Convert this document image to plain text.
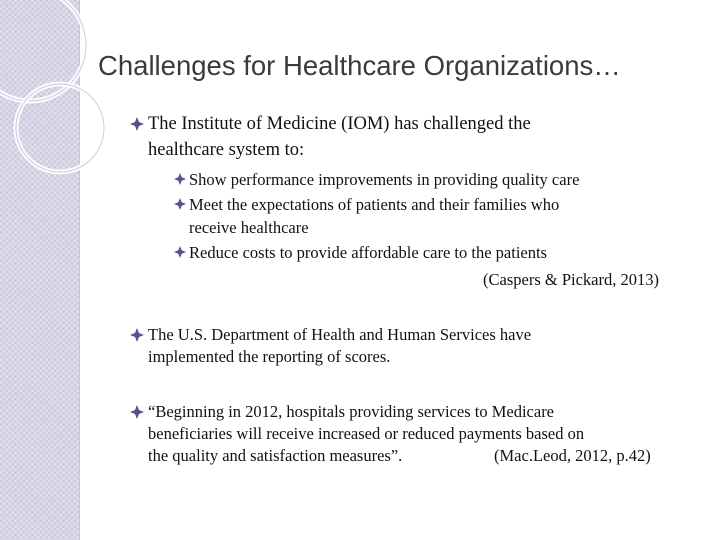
Challenges for Healthcare Organizations…
The Institute of Medicine (IOM) has challenged the
healthcare system to:
Show performance improvements in providing quality care
Meet the expectations of patients and their families who
receive healthcare
Reduce costs to provide affordable care to the patients
(Caspers & Pickard, 2013)
The U.S. Department of Health and Human Services have
implemented the reporting of scores.
“Beginning in 2012, hospitals providing services to Medicare
beneficiaries will receive increased or reduced payments based on
the quality and satisfaction measures”.	(Mac.Leod, 2012, p.42)
